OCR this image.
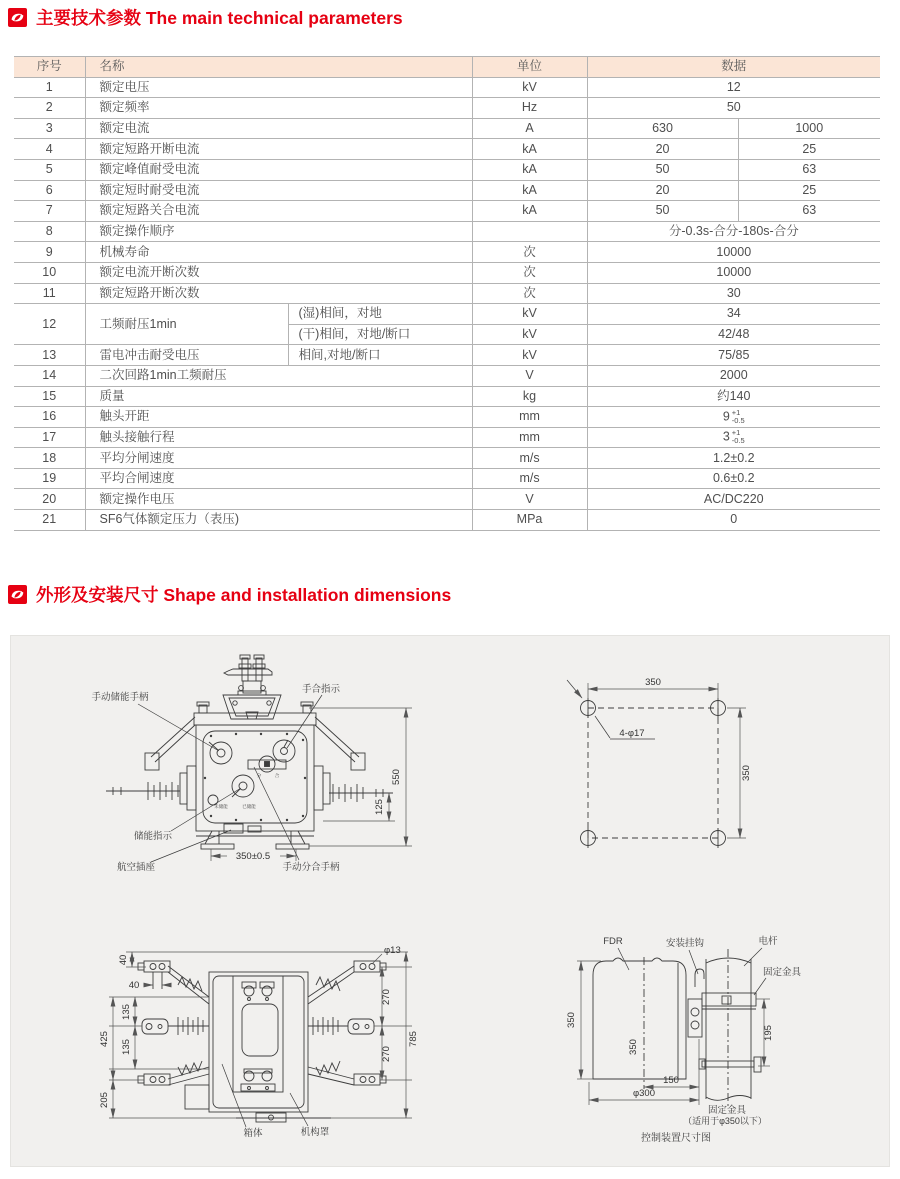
主要技术参数 The main technical parameters
序号	名称		单位	数据	
1	额定电压		kV	12	
2	额定频率		Hz	50	
3	额定电流		A	630	1000
4	额定短路开断电流		kA	20	25
5	额定峰值耐受电流		kA	50	63
6	额定短时耐受电流		kA	20	25
7	额定短路关合电流		kA	50	63
8	额定操作顺序			分-0.3s-合分-180s-合分	
9	机械寿命		次	10000	
10	额定电流开断次数		次	10000	
11	额定短路开断次数		次	30	
12	工频耐压1min	(湿)相间，对地	kV	34	
		(干)相间，对地/断口	kV	42/48	
13	雷电冲击耐受电压	相间,对地/断口	kV	75/85	
14	二次回路1min工频耐压		V	2000	
15	质量		kg	约140	
16	触头开距		mm	9 +1
-0.5	

17	触头接触行程		mm	3 +1
-0.5	

18	平均分闸速度		m/s	1.2±0.2	
19	平均合闸速度		m/s	0.6±0.2	
20	额定操作电压		V	AC/DC220	
21	SF6气体额定压力（表压)		MPa	0	
外形及安装尺寸 Shape and installation dimensions
手动储能手柄
手合指示
储能指示
航空插座	手动分合手柄
分	合
未储能	已储能
550
125
350±0.5
350
350
4-φ17
40
40
135
135
425
205
270
270
785
φ13
箱体	机构罩
FDR	安装挂钩	电杆
固定金具
350
350
195
150
φ300
固定金具
（适用于φ350以下）
控制装置尺寸图
